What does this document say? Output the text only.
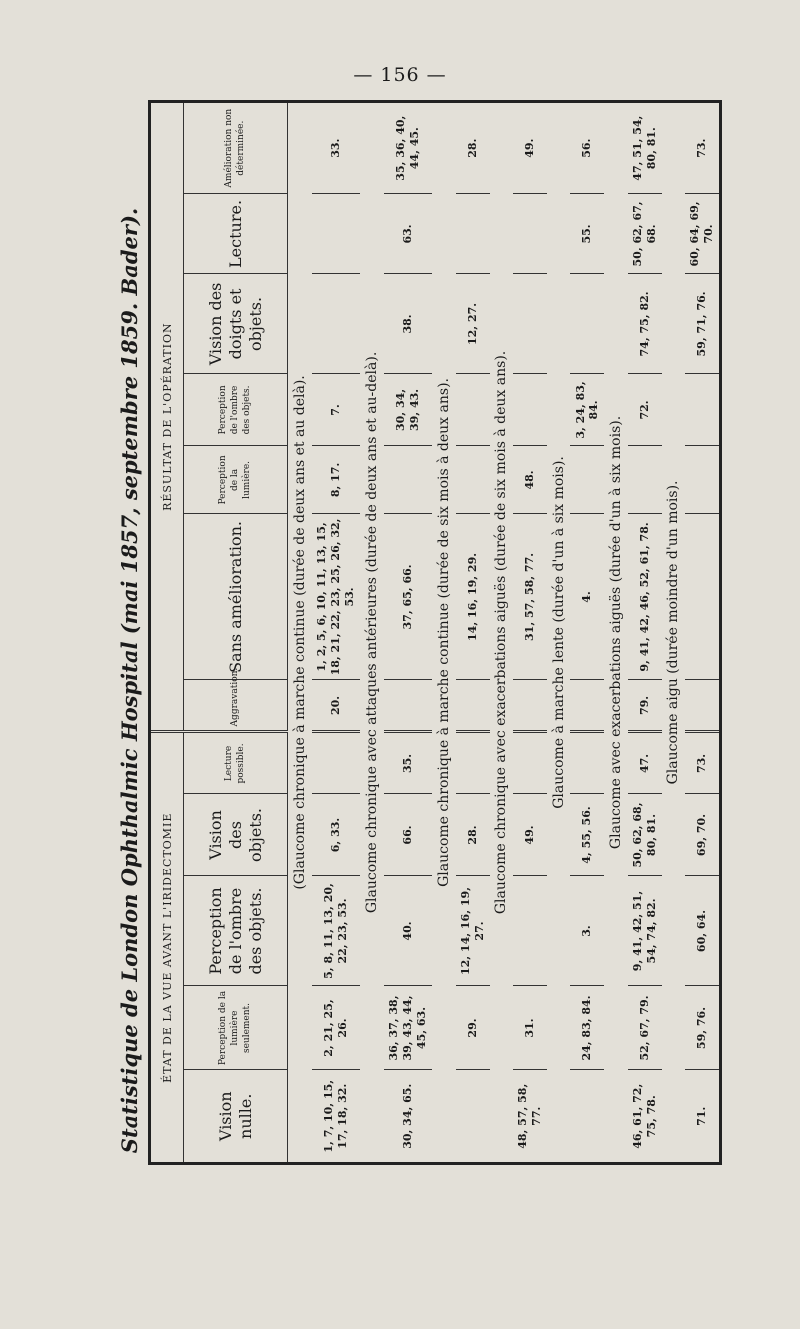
— 156 —
Statistique de London Ophthalmic Hospital (mai 1857, septembre 1859. Bader). ÉTAT DE LA VUE AVANT L'IRIDECTOMIE					RÉSULTAT DE L'OPÉRATION						
Vision nulle.	Perception de la lumière seulement.	Perception de l'ombre des objets.	Vision des objets.	Lecture possible.	Aggravation.	Sans amélioration.	Perception de la lumière.	Perception de l'ombre des objets.	Vision des doigts et objets.	Lecture.	Amélioration non déterminée.
(Glaucome chronique à marche continue (durée de deux ans et au delà).											
1, 7, 10, 15, 17, 18, 32.	2, 21, 25, 26.	5, 8, 11, 13, 20, 22, 23, 53.	6, 33.		20.	1, 2, 5, 6, 10, 11, 13, 15, 18, 21, 22, 23, 25, 26, 32, 53.	8, 17.	7.			33.
Glaucome chronique avec attaques antérieures (durée de deux ans et au-delà).											
30, 34, 65.	36, 37, 38, 39, 43, 44, 45, 63.	40.	66.	35.		37, 65, 66.		30, 34, 39, 43.	38.	63.	35, 36, 40, 44, 45.
Glaucome chronique à marche continue (durée de six mois à deux ans).											
	29.	12, 14, 16, 19, 27.	28.			14, 16, 19, 29.			12, 27.		28.
Glaucome chronique avec exacerbations aiguës (durée de six mois à deux ans).											
48, 57, 58, 77.	31.		49.			31, 57, 58, 77.	48.				49.
Glaucome à marche lente (durée d'un à six mois).											
	24, 83, 84.	3.	4, 55, 56.			4.		3, 24, 83, 84.		55.	56.
Glaucome avec exacerbations aiguës (durée d'un à six mois).											
46, 61, 72, 75, 78.	52, 67, 79.	9, 41, 42, 51, 54, 74, 82.	50, 62, 68, 80, 81.	47.	79.	9, 41, 42, 46, 52, 61, 78.		72.	74, 75, 82.	50, 62, 67, 68.	47, 51, 54, 80, 81.
Glaucome aigu (durée moindre d'un mois).											
71.	59, 76.	60, 64.	69, 70.	73.					59, 71, 76.	60, 64, 69, 70.	73.
